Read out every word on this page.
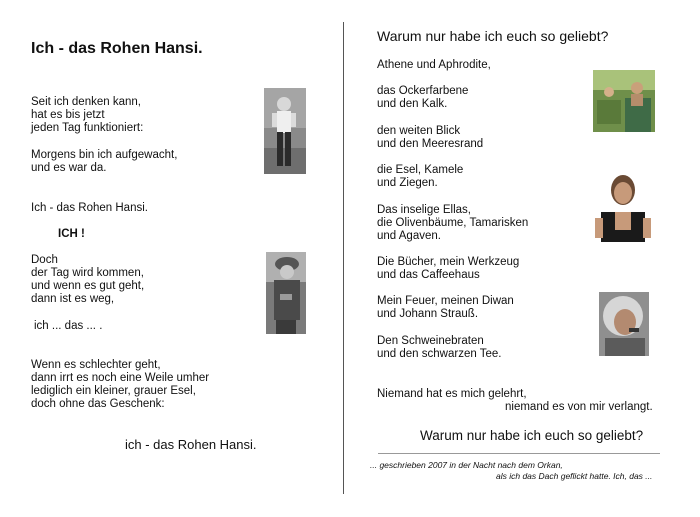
Ich - das Rohen Hansi.
Seit ich denken kann,
hat es bis jetzt
jeden Tag funktioniert:
Morgens bin ich aufgewacht,
und es war da.
Ich - das Rohen Hansi.
ICH !
Doch
der Tag wird kommen,
und wenn es gut geht,
dann ist es weg,
ich ... das ... .
Wenn es schlechter geht,
dann irrt es noch eine Weile umher
lediglich ein kleiner, grauer Esel,
doch ohne das Geschenk:
ich - das Rohen Hansi.
Warum nur habe ich euch so geliebt?
Athene und Aphrodite,
das Ockerfarbene
und den Kalk.
den weiten Blick
und den Meeresrand
die Esel, Kamele
und Ziegen.
Das inselige Ellas,
die Olivenbäume, Tamarisken
und Agaven.
Die Bücher, mein Werkzeug
und das Caffeehaus
Mein Feuer, meinen Diwan
und Johann Strauß.
Den Schweinebraten
und den schwarzen Tee.
Niemand hat es mich gelehrt,
niemand es von mir verlangt.
Warum nur habe ich euch so geliebt?
... geschrieben 2007 in der Nacht nach dem Orkan,
als ich das Dach geflickt hatte. Ich, das ...
